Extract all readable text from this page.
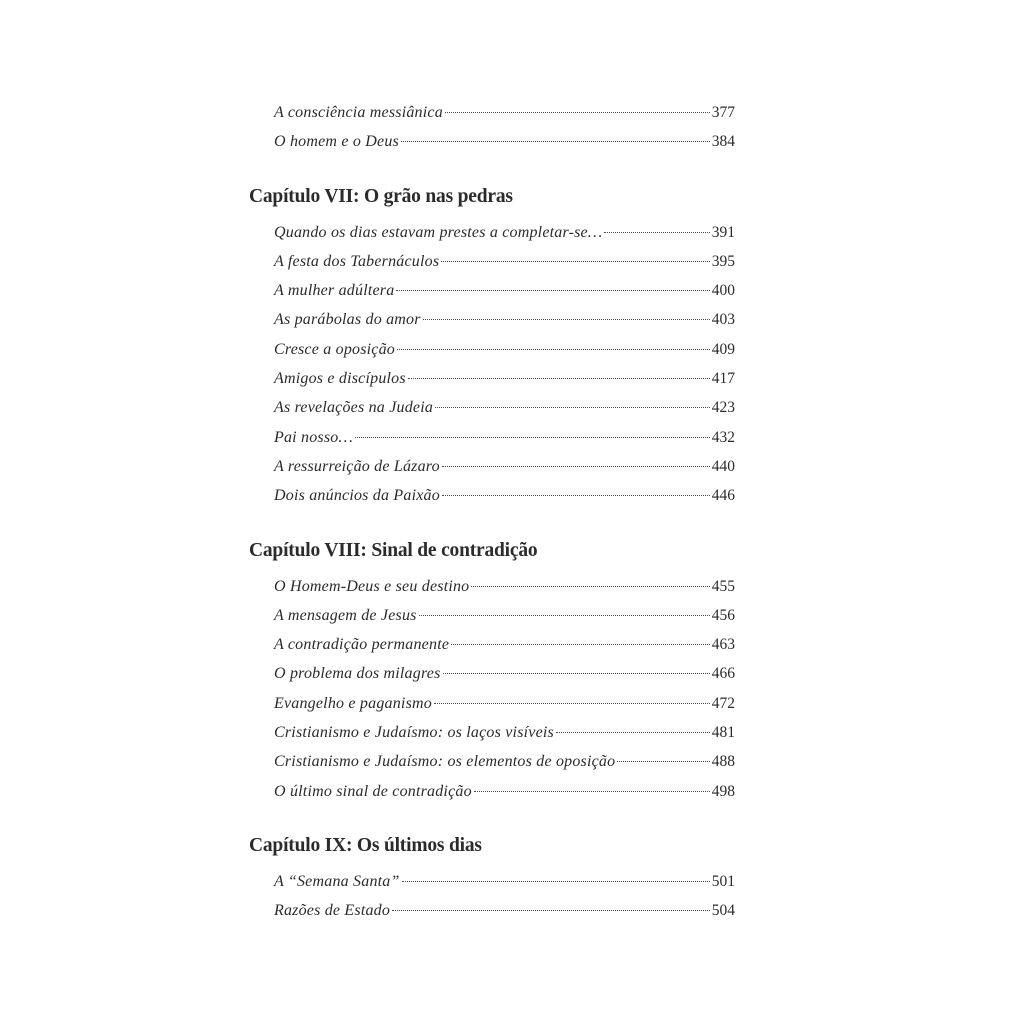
A consciência messiânica	377
O homem e o Deus	384
Capítulo VII: O grão nas pedras
Quando os dias estavam prestes a completar-se…	391
A festa dos Tabernáculos	395
A mulher adúltera	400
As parábolas do amor	403
Cresce a oposição	409
Amigos e discípulos	417
As revelações na Judeia	423
Pai nosso…	432
A ressurreição de Lázaro	440
Dois anúncios da Paixão	446
Capítulo VIII: Sinal de contradição
O Homem-Deus e seu destino	455
A mensagem de Jesus	456
A contradição permanente	463
O problema dos milagres	466
Evangelho e paganismo	472
Cristianismo e Judaísmo: os laços visíveis	481
Cristianismo e Judaísmo: os elementos de oposição	488
O último sinal de contradição	498
Capítulo IX: Os últimos dias
A “Semana Santa”	501
Razões de Estado	504
